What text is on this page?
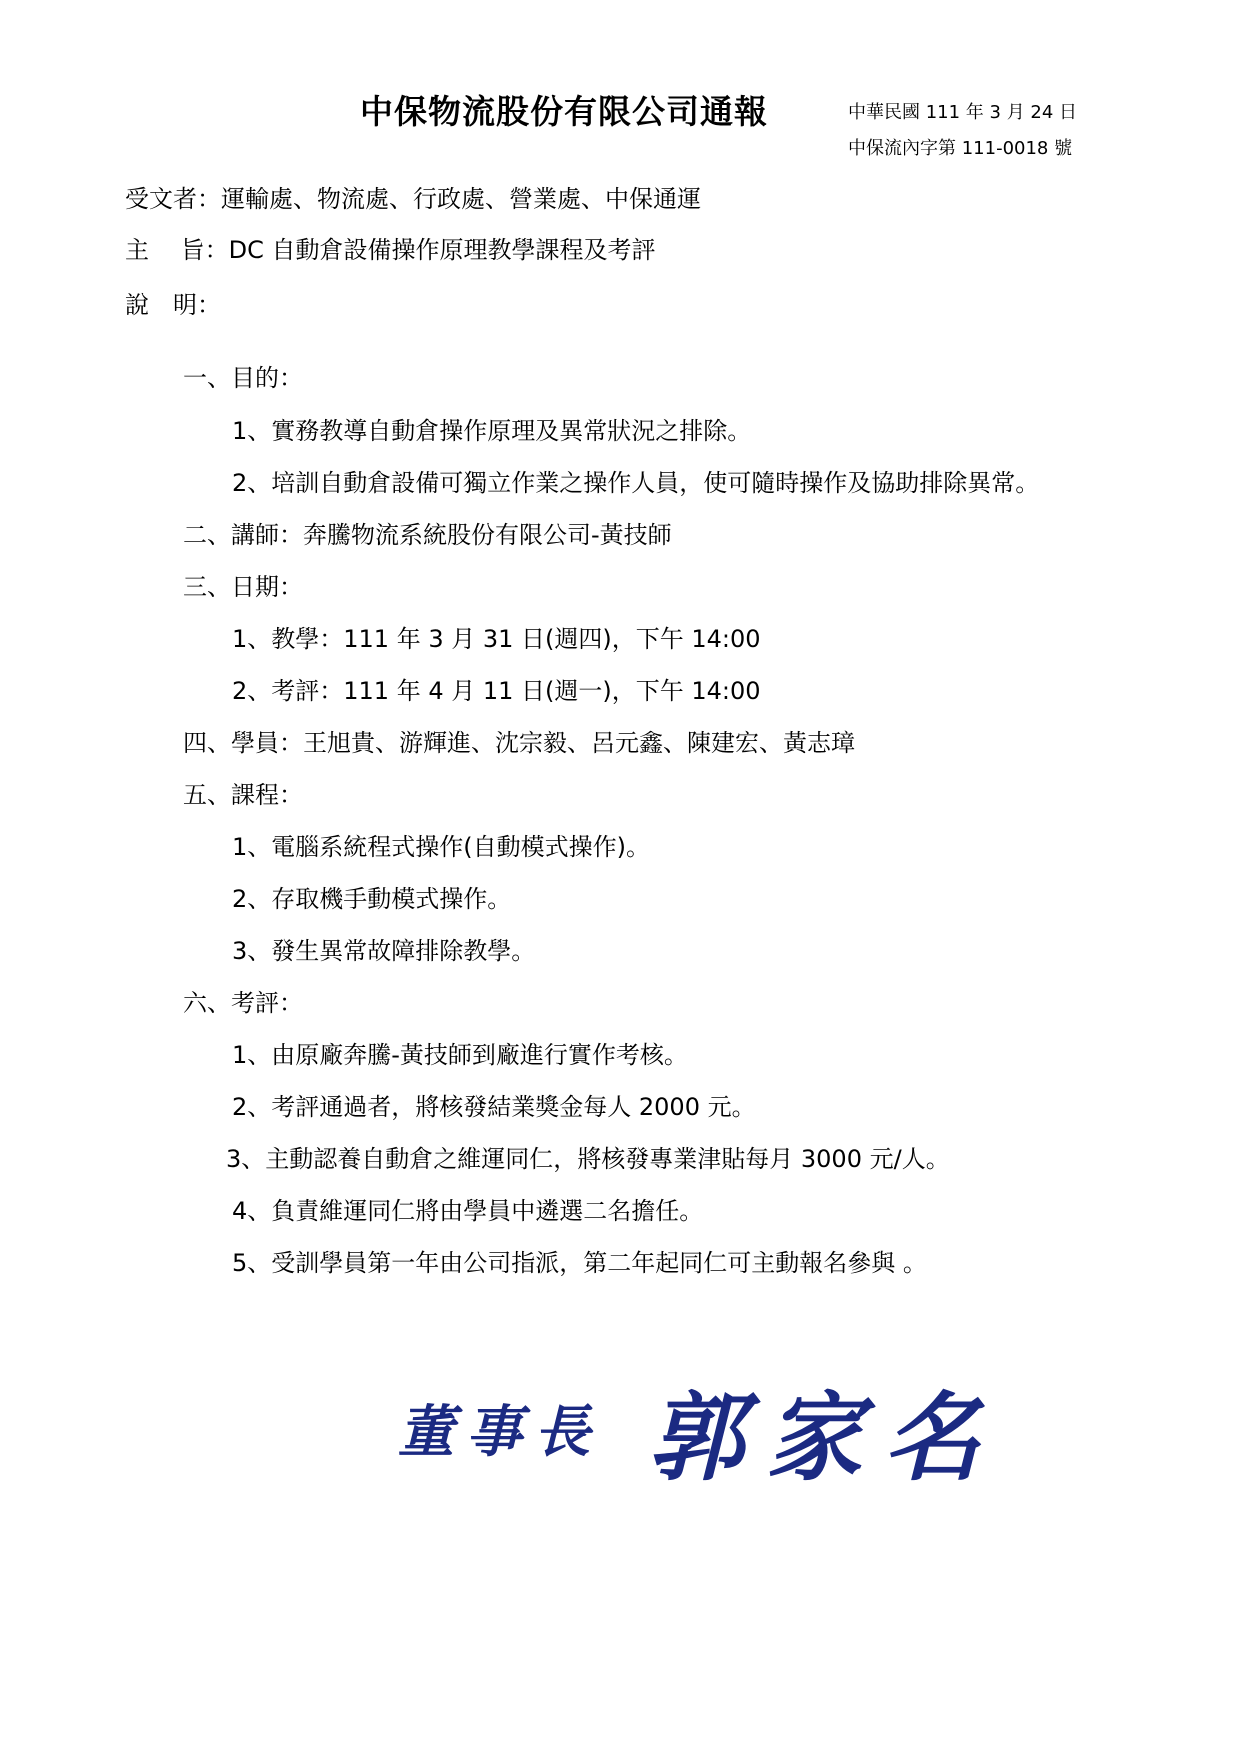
中保物流股份有限公司通報	中華民國 111 年 3 月 24 日
中保流內字第 111-0018 號
受文者：運輸處、物流處、行政處、營業處、中保通運
主　 旨：DC 自動倉設備操作原理教學課程及考評
說　明：
一、目的：
1、實務教導自動倉操作原理及異常狀況之排除。
2、培訓自動倉設備可獨立作業之操作人員，使可隨時操作及協助排除異常。
二、講師：奔騰物流系統股份有限公司-黃技師
三、日期：
1、教學：111 年 3 月 31 日(週四)，下午 14:00
2、考評：111 年 4 月 11 日(週一)，下午 14:00
四、學員：王旭貴、游輝進、沈宗毅、呂元鑫、陳建宏、黃志璋
五、課程：
1、電腦系統程式操作(自動模式操作)。
2、存取機手動模式操作。
3、發生異常故障排除教學。
六、考評：
1、由原廠奔騰-黃技師到廠進行實作考核。
2、考評通過者，將核發結業獎金每人 2000 元。
3、主動認養自動倉之維運同仁，將核發專業津貼每月 3000 元/人。
4、負責維運同仁將由學員中遴選二名擔任。
5、受訓學員第一年由公司指派，第二年起同仁可主動報名參與 。
董事長 郭家名
